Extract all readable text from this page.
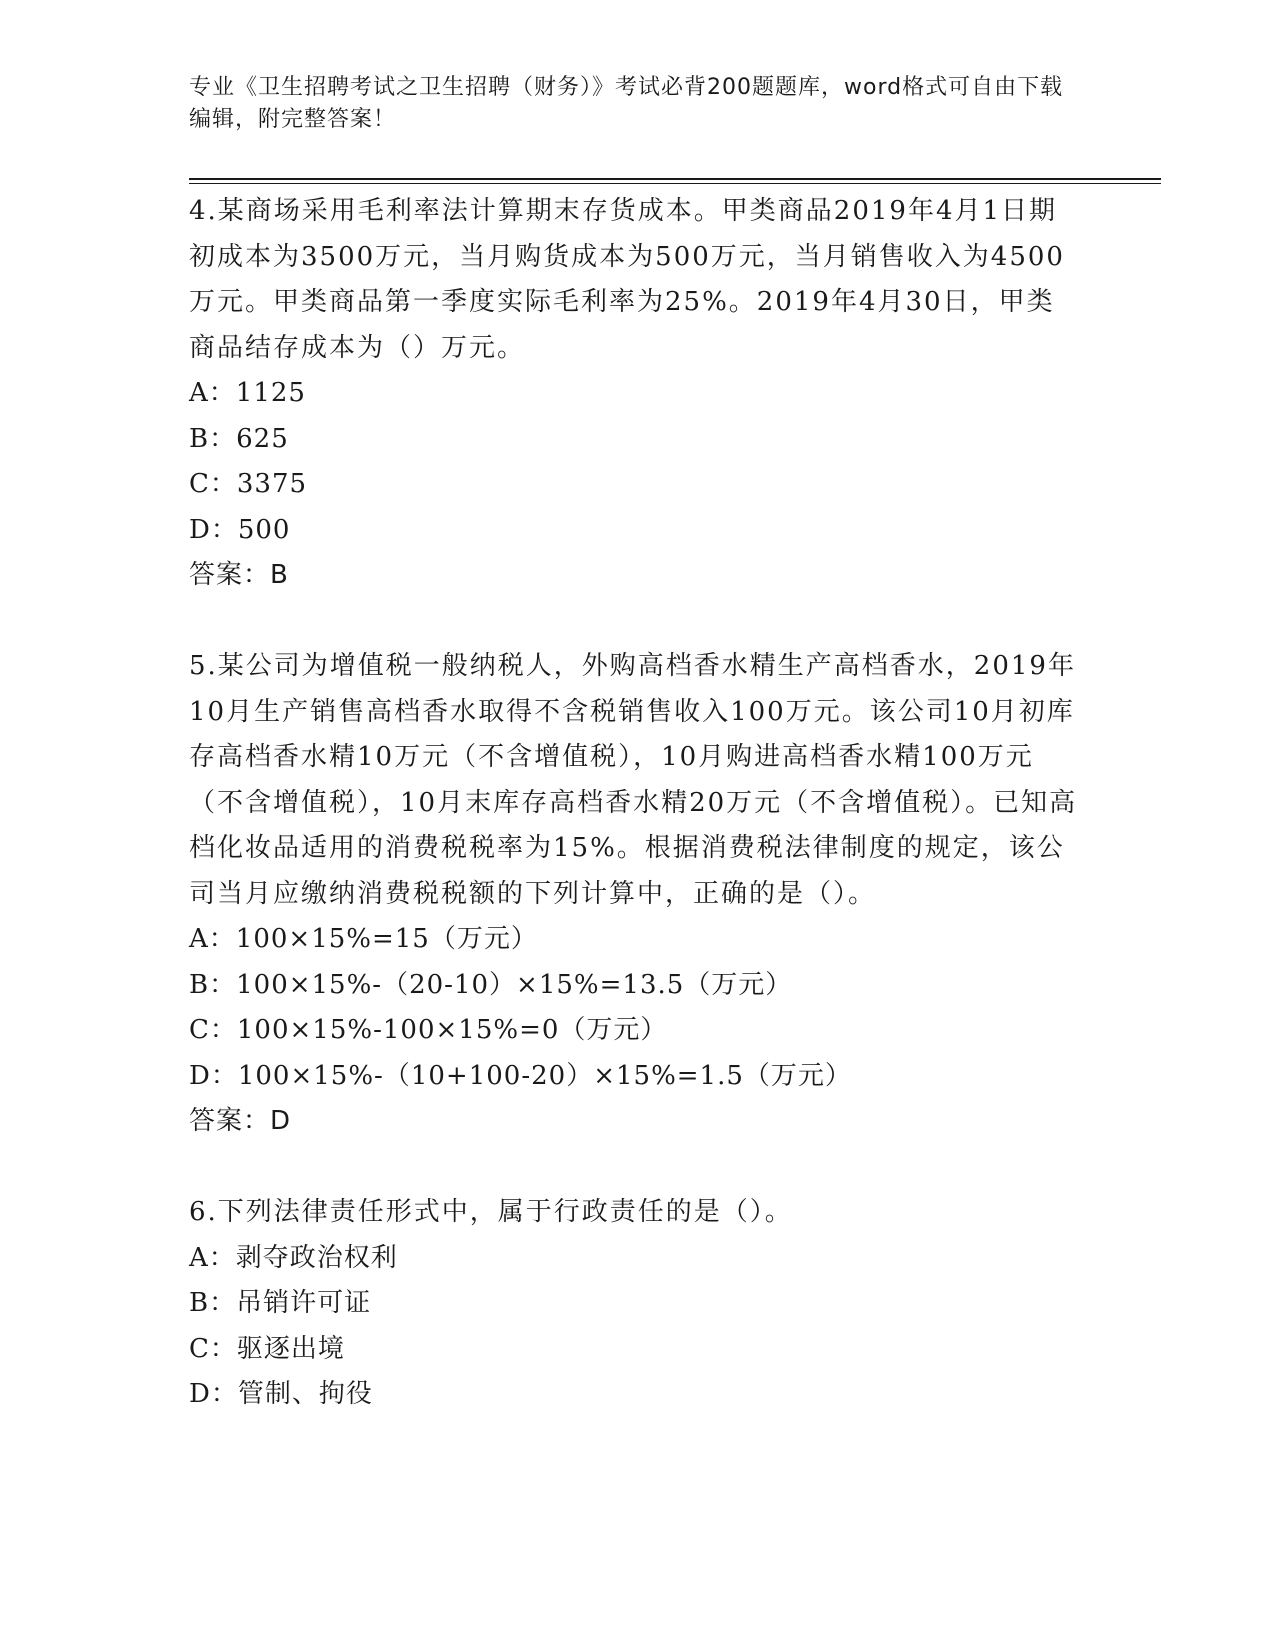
专业《卫生招聘考试之卫生招聘（财务）》考试必背200题题库，word格式可自由下载编辑，附完整答案！

4.某商场采用毛利率法计算期末存货成本。甲类商品2019年4月1日期初成本为3500万元，当月购货成本为500万元，当月销售收入为4500万元。甲类商品第一季度实际毛利率为25%。2019年4月30日，甲类商品结存成本为（）万元。

A：1125

B：625

C：3375

D：500

答案：B

5.某公司为增值税一般纳税人，外购高档香水精生产高档香水，2019年10月生产销售高档香水取得不含税销售收入100万元。该公司10月初库存高档香水精10万元（不含增值税），10月购进高档香水精100万元（不含增值税），10月末库存高档香水精20万元（不含增值税）。已知高档化妆品适用的消费税税率为15%。根据消费税法律制度的规定，该公司当月应缴纳消费税税额的下列计算中，正确的是（）。

A：100×15%=15（万元）

B：100×15%-（20-10）×15%=13.5（万元）

C：100×15%-100×15%=0（万元）

D：100×15%-（10+100-20）×15%=1.5（万元）

答案：D

6.下列法律责任形式中，属于行政责任的是（）。

A：剥夺政治权利

B：吊销许可证

C：驱逐出境

D：管制、拘役
